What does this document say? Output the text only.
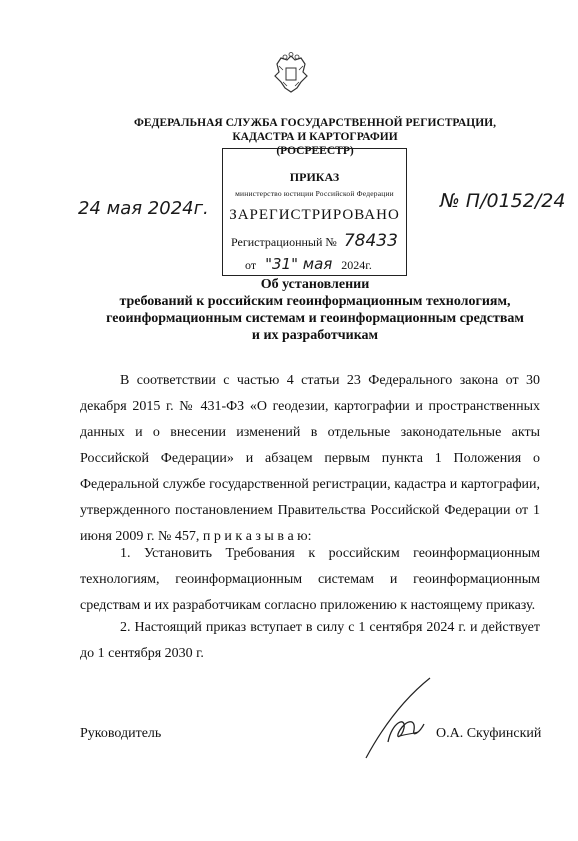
ФЕДЕРАЛЬНАЯ СЛУЖБА ГОСУДАРСТВЕННОЙ РЕГИСТРАЦИИ,
КАДАСТРА И КАРТОГРАФИИ
(РОСРЕЕСТР)
ПРИКАЗ
министерство юстиции Российской Федерации
ЗАРЕГИСТРИРОВАНО
Регистрационный № 78433
от "31" мая 2024г.
24 мая 2024г.	№ П/0152/24
Об установлении
требований к российским геоинформационным технологиям,
геоинформационным системам и геоинформационным средствам
и их разработчикам
В соответствии с частью 4 статьи 23 Федерального закона от 30 декабря 2015 г. № 431-ФЗ «О геодезии, картографии и пространственных данных и о внесении изменений в отдельные законодательные акты Российской Федерации» и абзацем первым пункта 1 Положения о Федеральной службе государственной регистрации, кадастра и картографии, утвержденного постановлением Правительства Российской Федерации от 1 июня 2009 г. № 457, п р и к а з ы в а ю:
1. Установить Требования к российским геоинформационным технологиям, геоинформационным системам и геоинформационным средствам и их разработчикам согласно приложению к настоящему приказу.
2. Настоящий приказ вступает в силу с 1 сентября 2024 г. и действует до 1 сентября 2030 г.
Руководитель	О.А. Скуфинский
